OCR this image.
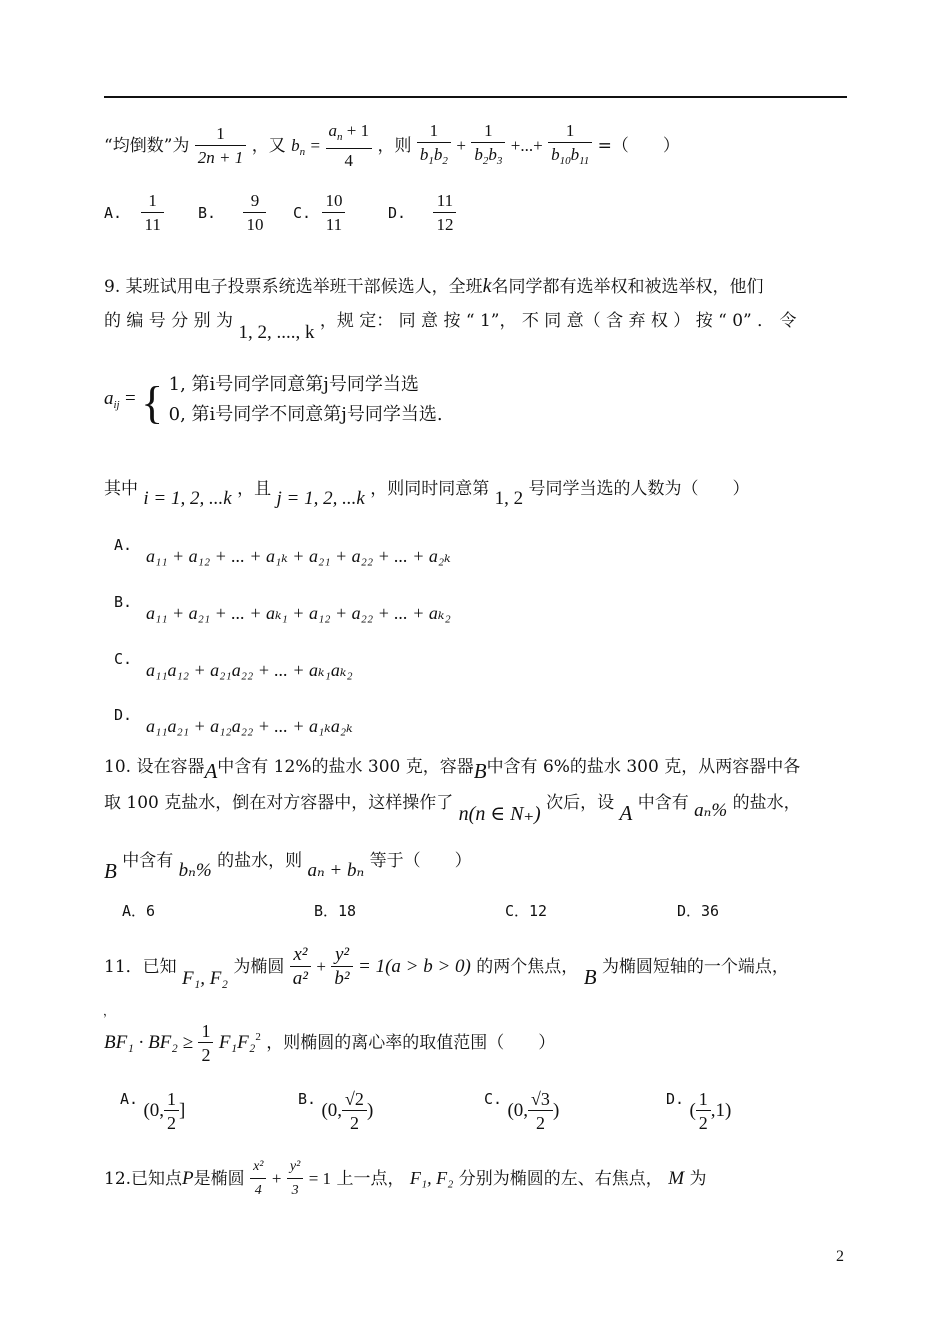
“均倒数”为 $\frac{1}{2n + 1}$ ，又 $b_n = \frac{a_n + 1}{4}$ ，则 $\frac{1}{b_1b_2} + \frac{1}{b_2b_3}$ +...+ $\frac{1}{b_{10}b_{11}}$ =（　　）
A. $\frac{1}{11} B$. $\frac{9}{10} C$. $\frac{10}{11}$	D. $\frac{11}{12}$
9. 某班试用电子投票系统选举班干部候选人，全班k名同学都有选举权和被选举权，他们
的 编 号 分 别 为 1, 2, ...., k ，规 定： 同 意 按 “ 1”， 不 同 意（ 含 弃 权 ） 按 “ 0” ． 令
$a_{ij}$ = { 1, 第i号同学同意第j号同学当选
0, 第i号同学不同意第j号同学当选.
其中 i = 1, 2, ...k ，且 j = 1, 2, ...k ，则同时同意第 1, 2 号同学当选的人数为（　　）
A.
a₁₁ + a₁₂ + ... + a₁ₖ + a₂₁ + a₂₂ + ... + a₂ₖ
B.
a₁₁ + a₂₁ + ... + aₖ₁ + a₁₂ + a₂₂ + ... + aₖ₂
C.
a₁₁a₁₂ + a₂₁a₂₂ + ... + aₖ₁aₖ₂
D.
a₁₁a₂₁ + a₁₂a₂₂ + ... + a₁ₖa₂ₖ
10. 设在容器A中含有 12%的盐水 300 克，容器B中含有 6%的盐水 300 克，从两容器中各
取 100 克盐水，倒在对方容器中，这样操作了 n(n ∈ N₊) 次后，设 A 中含有 aₙ% 的盐水，
B 中含有 bₙ% 的盐水，则 aₙ + bₙ 等于（　　）
A．6	B．18	C．12	D．36
11．已知 F₁, F₂ 为椭圆 $\frac{\text{x²}}{\text{a²}} + \frac{\text{y²}}{\text{b²}} = 1(a > b > 0)$ 的两个焦点， B 为椭圆短轴的一个端点，
，
$BF_1 \cdot BF_2 \ge \frac{1}{2} F_1F_2^2$ ，则椭圆的离心率的取值范围（　　）
A. (0, $\frac{1}{2}$ ]
B. (0, $\frac{√2}{2}$ )
C. (0, $\frac{√3}{2}$ )
D. ( $\frac{1}{2} ,1$)
12.已知点P是椭圆 $\frac{\text{x²}}{4} + \frac{\text{y²}}{3} = 1$ 上一点， F₁, F₂ 分别为椭圆的左、右焦点， M 为
2
